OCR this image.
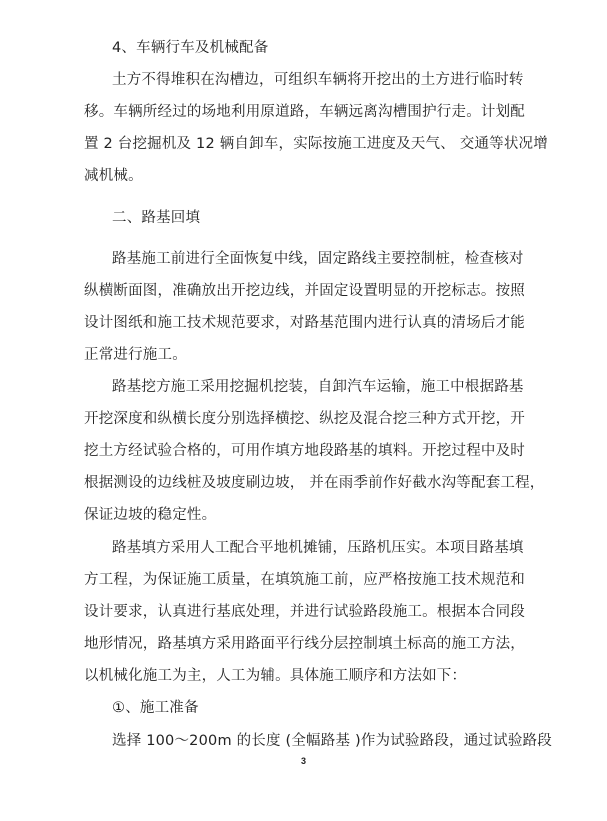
4、车辆行车及机械配备
土方不得堆积在沟槽边，可组织车辆将开挖出的土方进行临时转
移。车辆所经过的场地利用原道路，车辆远离沟槽围护行走。计划配
置 2 台挖掘机及 12 辆自卸车，实际按施工进度及天气、 交通等状况增
减机械。
二、路基回填
路基施工前进行全面恢复中线，固定路线主要控制桩，检查核对
纵横断面图，准确放出开挖边线，并固定设置明显的开挖标志。按照
设计图纸和施工技术规范要求，对路基范围内进行认真的清场后才能
正常进行施工。
路基挖方施工采用挖掘机挖装，自卸汽车运输，施工中根据路基
开挖深度和纵横长度分别选择横挖、纵挖及混合挖三种方式开挖，开
挖土方经试验合格的，可用作填方地段路基的填料。开挖过程中及时
根据测设的边线桩及坡度刷边坡， 并在雨季前作好截水沟等配套工程，
保证边坡的稳定性。
路基填方采用人工配合平地机摊铺，压路机压实。本项目路基填
方工程，为保证施工质量，在填筑施工前，应严格按施工技术规范和
设计要求，认真进行基底处理，并进行试验路段施工。根据本合同段
地形情况，路基填方采用路面平行线分层控制填土标高的施工方法，
以机械化施工为主，人工为辅。具体施工顺序和方法如下：
①、施工准备
选择 100～200m 的长度 (全幅路基 )作为试验路段，通过试验路段
3
